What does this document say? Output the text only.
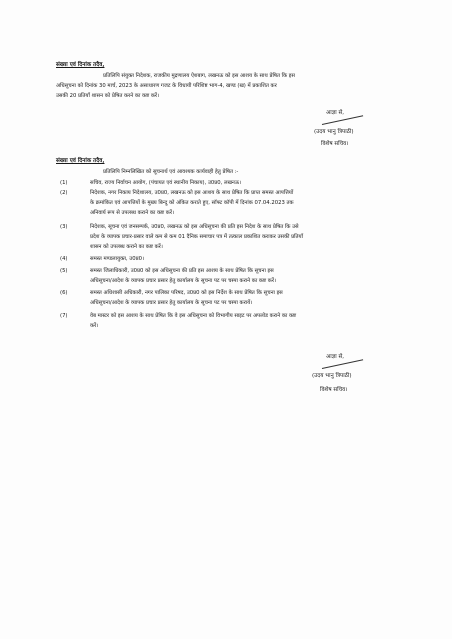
संख्या एवं दिनांक तदैव,
प्रतिलिपि संयुक्त निदेशक, राजकीय मुद्रणालय ऐशबाग, लखनऊ को इस आशय के साथ प्रेषित कि इस
अधिसूचना को दिनांक 30 मार्च, 2023 के असाधारण गजट के विधायी परिशिष्ट भाग-4, खण्ड (ख) में प्रकाशित कर
उसकी 20 प्रतियाँ शासन को प्रेषित करने का कष्ट करें।
आज्ञा से,
(उदय भानु त्रिपाठी)
विशेष सचिव।
संख्या एवं दिनांक तदैव,
प्रतिलिपि निम्नलिखित को सूचनार्थ एवं आवश्यक कार्यवाही हेतु प्रेषित :-
(1)	सचिव, राज्य निर्वाचन आयोग, (पंचायत एवं स्थानीय निकाय), उ0प्र0, लखनऊ।
(2)	निदेशक, नगर निकाय निदेशालय, उ0प्र0, लखनऊ को इस आशय के साथ प्रेषित कि प्राप्त समस्त आपत्तियों
के क्रमांकित एवं आपत्तियों के मुख्य बिन्दु को अंकित कराते हुए, सॉफ्ट कॉपी में दिनांक 07.04.2023 तक
अनिवार्य रूप से उपलब्ध कराने का कष्ट करें।
(3)	निदेशक, सूचना एवं जनसम्पर्क, उ0प्र0, लखनऊ को इस अधिसूचना की प्रति इस निदेश के साथ प्रेषित कि उसे
प्रदेश के व्यापक प्रचार-प्रसार वाले कम से कम 01 दैनिक समाचार पत्र में तत्काल प्रकाशित कराकर उसकी प्रतियाँ
शासन को उपलब्ध कराने का कष्ट करें।
(4)	समस्त मण्डलायुक्त, उ0प्र0।
(5)	समस्त जिलाधिकारी, उ0प्र0 को इस अधिसूचना की प्रति इस आशय के साथ प्रेषित कि सूचना इस
अधिसूचना/आदेश के व्यापक प्रचार प्रसार हेतु कार्यालय के सूचना पट पर चस्पा कराने का कष्ट करें।
(6)	समस्त अधिशासी अधिकारी, नगर पालिका परिषद, उ0प्र0 को इस निर्देश के साथ प्रेषित कि सूचना इस
अधिसूचना/आदेश के व्यापक प्रचार प्रसार हेतु कार्यालय के सूचना पट पर चस्पा करायें।
(7)	वेब मास्टर को इस आशय के साथ प्रेषित कि वे इस अधिसूचना को विभागीय साइट पर अपलोड कराने का कष्ट
करें।
आज्ञा से,
(उदय भानु त्रिपाठी)
विशेष सचिव।
